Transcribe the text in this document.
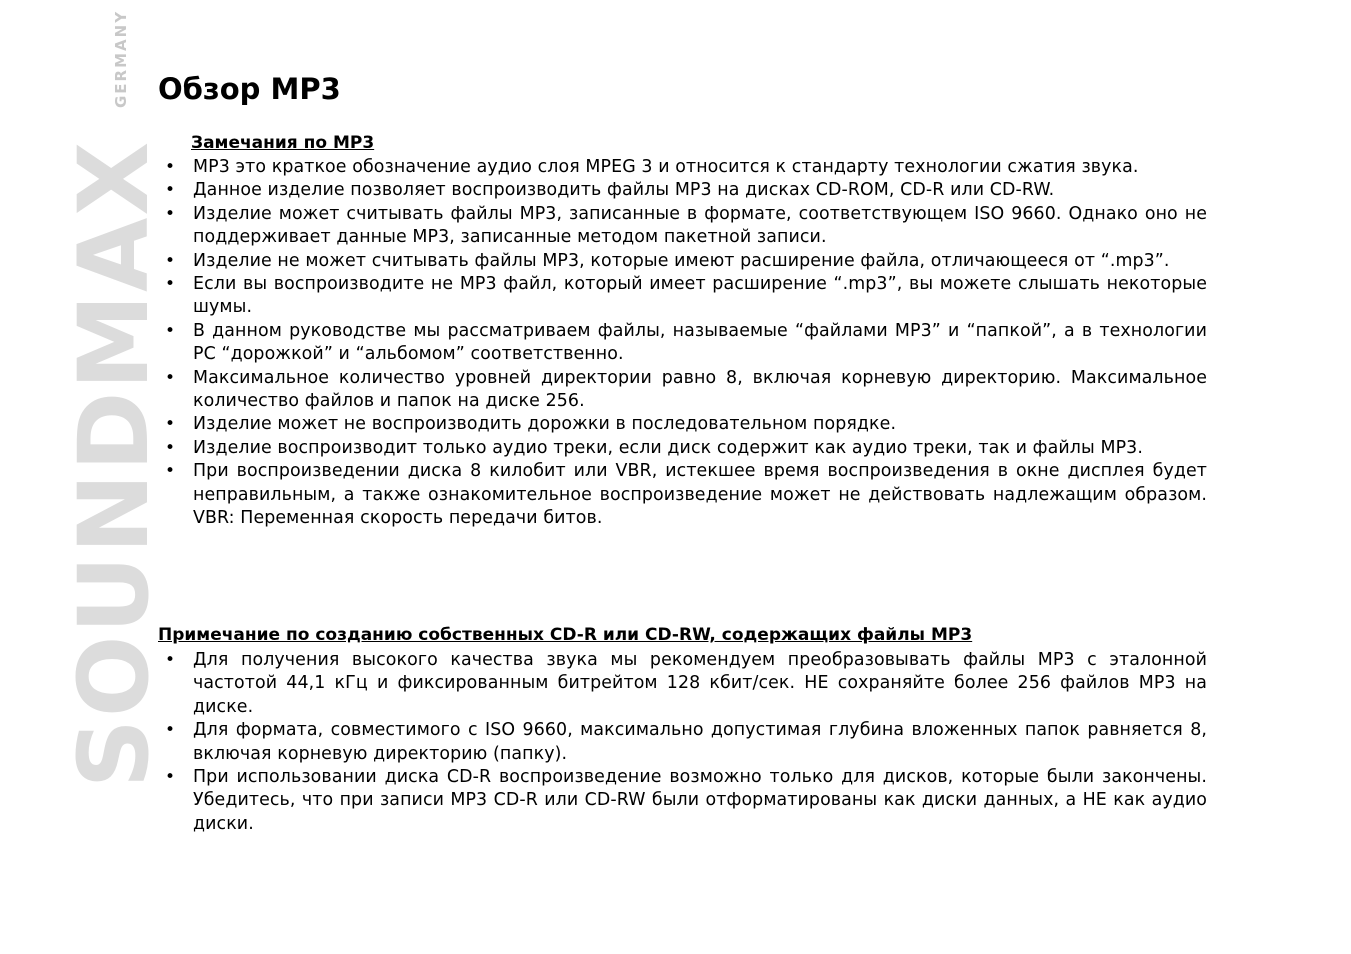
SOUNDMAX
GERMANY Обзор MP3
Замечания по MP3
• MP3 это краткое обозначение аудио слоя MPEG 3 и относится к стандарту технологии сжатия звука.
• Данное изделие позволяет воспроизводить файлы MP3 на дисках CD-ROM, CD-R или CD-RW.
• Изделие может считывать файлы MP3, записанные в формате, соответствующем ISO 9660. Однако оно не поддерживает данные MP3, записанные методом пакетной записи.
• Изделие не может считывать файлы MP3, которые имеют расширение файла, отличающееся от “.mp3”.
• Если вы воспроизводите не MP3 файл, который имеет расширение “.mp3”, вы можете слышать некоторые шумы.
• В данном руководстве мы рассматриваем файлы, называемые “файлами MP3” и “папкой”, а в технологии PC “дорожкой” и “альбомом” соответственно.
• Максимальное количество уровней директории равно 8, включая корневую директорию. Максимальное количество файлов и папок на диске 256.
• Изделие может не воспроизводить дорожки в последовательном порядке.
• Изделие воспроизводит только аудио треки, если диск содержит как аудио треки, так и файлы MP3.
• При воспроизведении диска 8 килобит или VBR, истекшее время воспроизведения в окне дисплея будет неправильным, а также ознакомительное воспроизведение может не действовать надлежащим образом. VBR: Переменная скорость передачи битов.
Примечание по созданию собственных CD-R или CD-RW, содержащих файлы MP3
• Для получения высокого качества звука мы рекомендуем преобразовывать файлы MP3 с эталонной частотой 44,1 кГц и фиксированным битрейтом 128 кбит/сек. НЕ сохраняйте более 256 файлов MP3 на диске.
• Для формата, совместимого с ISO 9660, максимально допустимая глубина вложенных папок равняется 8, включая корневую директорию (папку).
• При использовании диска CD-R воспроизведение возможно только для дисков, которые были закончены. Убедитесь, что при записи MP3 CD-R или CD-RW были отформатированы как диски данных, а НЕ как аудио диски.
